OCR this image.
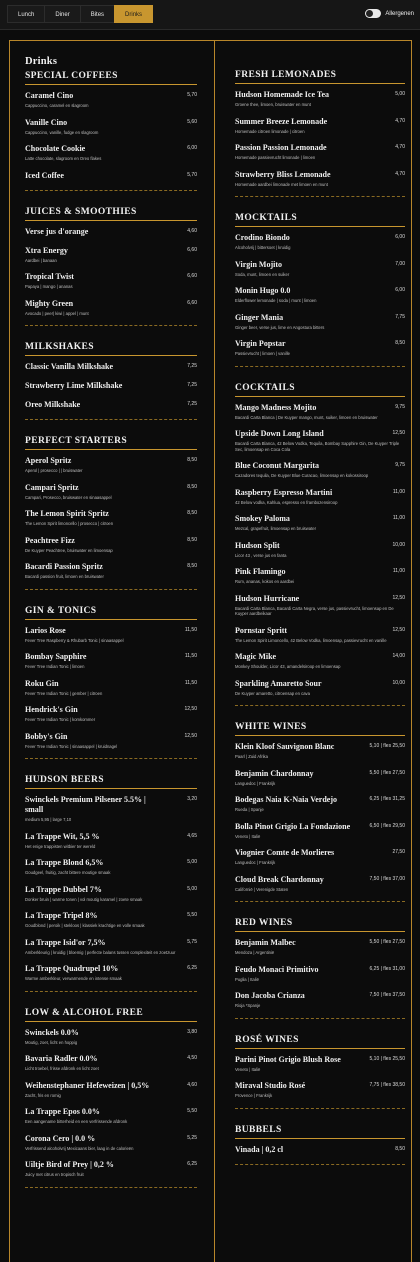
Lunch	Diner	Bites	Drinks	Allergenen
Drinks
SPECIAL COFFEES
Caramel Cino	5,70
Cappuccino, caramel en slagroom
Vanille Cino	5,60
Cappuccino, vanille, fudge en slagroom
Chocolate Cookie	6,00
Latte chocolate, slagroom en Oreo flakes
Iced Coffee	5,70
JUICES & SMOOTHIES
Verse jus d'orange	4,60
Xtra Energy	6,60
Aardbei | banaan
Tropical Twist	6,60
Papaya | mango | ananas
Mighty Green	6,60
Avocado | peer| kiwi | appel | munt
MILKSHAKES
Classic Vanilla Milkshake	7,25
Strawberry Lime Milkshake	7,25
Oreo Milkshake	7,25
PERFECT STARTERS
Aperol Spritz	8,50
Aperol | prosecco | | bruiswater
Campari Spritz	8,50
Campari, Prosecco, bruiswater en sinaasappel
The Lemon Spirit Spritz	8,50
The Lemon Spirit limoncello | prosecco | citroen
Peachtree Fizz	8,50
De Kuyper Peachtree, bruiswater en limoensap
Bacardi Passion Spritz	8,50
Bacardi passion fruit, limoen en bruiswater
GIN & TONICS
Larios Rose	11,50
Fever Tree Raspberry & Rhubarb Tonic | sinaasappel
Bombay Sapphire	11,50
Fever Tree Indian Tonic | limoen
Roku Gin	11,50
Fever Tree Indian Tonic | gember | citroen
Hendrick's Gin	12,50
Fever Tree Indian Tonic | komkommer
Bobby's Gin	12,50
Fever Tree Indian Tonic | sinaasappel | kruidnagel
HUDSON BEERS
Swinckels Premium Pilsener 5.5% | small
3,20
medium 5,95 | large 7,10
La Trappe Wit, 5,5 %	4,65
Het enige trappisten witbier ter wereld
La Trappe Blond 6,5%	5,00
Goudgeel, fruitig, zacht bittere moutige smaak
La Trappe Dubbel 7%	5,00
Donker bruin | warme tonen | vol moutig karamel | zoete smaak
La Trappe Tripel 8%	5,50
Goudblond | peroik | stekloos | klassiek krachtige en volle smaak
La Trappe Isid'or 7,5%	5,75
Amberkleurig | kruidig | bloemig | perfecte balans tussen complexiteit en zoetzuur
La Trappe Quadrupel 10%	6,25
Warme amberkleur, verwarmende en intense smaak
LOW & ALCOHOL FREE
Swinckels 0.0%	3,80
Moutig, zoet, licht en hoppig
Bavaria Radler 0.0%	4,50
Licht troebel, frisse afdronk en licht zoet
Weihenstephaner Hefeweizen | 0,5%	4,60
Zacht, fris en romig
La Trappe Epos 0.0%	5,50
Een aangename bitterheid en een verfrissende afdronk
Corona Cero | 0.0 %	5,25
Verfrissend alcoholvrij Mexicaans bier, laag in de calorieën
Uiltje Bird of Prey | 0,2 %	6,25
Juicy met citrus en tropisch fruit
FRESH LEMONADES
Hudson Homemade Ice Tea	5,00
Groene thee, limoen, bruiswater en munt
Summer Breeze Lemonade	4,70
Homemade citroen limonade | citroen
Passion Passion Lemonade	4,70
Homemade passievrucht limonade | limoen
Strawberry Bliss Lemonade	4,70
Homemade aardbei limonade met limoen en munt
MOCKTAILS
Crodino Biondo	6,00
Alcoholvrij | bittersoet | kruidig
Virgin Mojito	7,00
Soda, munt, limoen en suiker
Monin Hugo 0.0	6,00
Elderflower lemonade | soda | munt | limoen
Ginger Mania	7,75
Ginger beer, verse jus, lime en Angostura bitters
Virgin Popstar	8,50
Passievrucht | limoen | vanille
COCKTAILS
Mango Madness Mojito	9,75
Bacardi Carta Blanca | De Kuyper mango, munt, suiker, limoen en bruiswater
Upside Down Long Island	12,50
Bacardi Carta Blanca, 42 Below Vodka, Tequila, Bombay Sapphire Gin, De Kuyper Triple Sec, limoensap en Coca Cola
Blue Coconut Margarita	9,75
Cazadores tequila, De Kuyper Blue Curacao, limoensap en kokossiroop
Raspberry Espresso Martini	11,00
42 Below vodka, Kahlua, espresso en frambozensiroop
Smokey Paloma	11,00
Mezcal, grapefruit, limoensap en bruiswater
Hudson Split	10,00
Licor 43 , verse jus en fanta
Pink Flamingo	11,00
Rum, ananas, kokos en aardbei
Hudson Hurricane	12,50
Bacardi Carta Blanca, Bacardi Carta Negra, verse jus, passievrucht, limoensap en De Kuyper aardbeikaar
Pornstar Spritt	12,50
The Lemon Spirit Limoncello, 42 Below Vodka, limoensap, passievrucht en vanille
Magic Mike	14,00
Monkey Shoulder, Licor 43, amandelsiroop en limoensap
Sparkling Amaretto Sour	10,00
De Kuyper amaretto, citroensap en cava
WHITE WINES
Klein Kloof Sauvignon Blanc	5,10 | fles 25,50
Paarl | Zuid Afrika
Benjamin Chardonnay	5,50 | fles 27,50
Languedoc | Frankrijk
Bodegas Naia K-Naia Verdejo	6,25 | fles 31,25
Rueda | Spanje
Bolla Pinot Grigio La Fondazione	6,50 | fles 29,50
Veneto | Italië
Viognier Comte de Morlieres	27,50
Languedoc | Frankrijk
Cloud Break Chardonnay	7,50 | fles 37,00
Californië | Verenigde Staten
RED WINES
Benjamin Malbec	5,50 | fles 27,50
Mendoza | Argentinië
Feudo Monaci Primitivo	6,25 | fles 31,00
Puglia | Italië
Don Jacoba Crianza	7,50 | fles 37,50
Rioja *Spanje
ROSÉ WINES
Parini Pinot Grigio Blush Rose	5,10 | fles 25,50
Veneto | Italië
Miraval Studio Rosé	7,75 | fles 38,50
Provence | Frankrijk
BUBBELS
Vinada | 0,2 cl	8,50
